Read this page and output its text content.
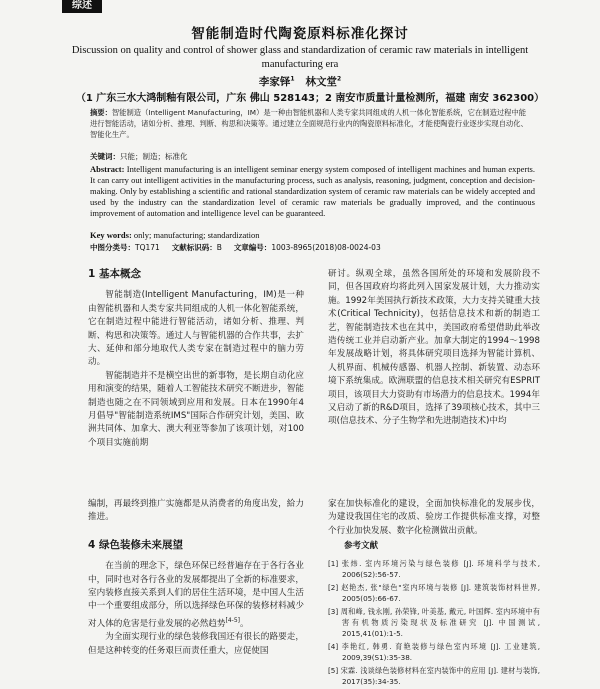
综述
智能制造时代陶瓷原料标准化探讨
Discussion on quality and control of shower glass and standardization of ceramic raw materials in intelligent manufacturing era
李家铎$^1$ 林文堂$^2$
（1 广东三水大鸿制釉有限公司，广东 佛山 528143；2 南安市质量计量检测所，福建 南安 362300）
摘要：智能制造（Intelligent Manufacturing，IM）是一种由智能机器和人类专家共同组成的人机一体化智能系统，它在制造过程中能进行智能活动，诸如分析、推理、判断、构思和决策等。通过建立全面规范行业内的陶瓷原料标准化，才能使陶瓷行业逐步实现自动化、智能化生产。
关键词：只能；制造；标准化
Abstract: Intelligent manufacturing is an intelligent seminar energy system composed of intelligent machines and human experts. It can carry out intelligent activities in the manufacturing process, such as analysis, reasoning, judgment, conception and decision-making. Only by establishing a scientific and rational standardization system of ceramic raw materials can be widely accepted and used by the industry can the standardization level of ceramic raw materials be gradually improved, and the continuous improvement of automation and intelligence level can be guaranteed.
Key words: only; manufacturing; standardization
中图分类号：TQ171 文献标识码：B 文章编号：1003-8965(2018)08-0024-03
1 基本概念

智能制造(Intelligent Manufacturing，IM)是一种由智能机器和人类专家共同组成的人机一体化智能系统，它在制造过程中能进行智能活动，诸如分析、推理、判断、构思和决策等。通过人与智能机器的合作共事，去扩大、延伸和部分地取代人类专家在制造过程中的脑力劳动。

智能制造并不是横空出世的新事物，是长期自动化应用和演变的结果，随着人工智能技术研究不断进步，智能制造也随之在不同领域到应用和发展。日本在1990年4月倡导"智能制造系统IMS"国际合作研究计划，美国、欧洲共同体、加拿大、澳大利亚等参加了该项计划，对100个项目实施前期

研讨。纵观全球，虽然各国所处的环境和发展阶段不同，但各国政府均将此列入国家发展计划，大力推动实施。1992年美国执行新技术政策，大力支持关键重大技术(Critical Technicity)，包括信息技术和新的制造工艺，智能制造技术也在其中，美国政府希望借助此举改造传统工业并启动新产业。加拿大制定的1994～1998年发展战略计划，将具体研究项目选择为智能计算机、人机界面、机械传感器、机器人控制、新装置、动态环境下系统集成。欧洲联盟的信息技术相关研究有ESPRIT项目，该项目大力资助有市场潜力的信息技术。1994年又启动了新的R&D项目，选择了39项核心技术，其中三项(信息技术、分子生物学和先进制造技术)中均

编制，再最终到推广实施都是从消费者的角度出发，給力推进。

4 绿色装修未来展望

在当前的理念下，绿色环保已经普遍存在于各行各业中，同时也对各行各业的发展都提出了全新的标准要求，室内装修直接关系到人们的居住生活环境，是中国人生活中一个重要组成部分，所以选择绿色环保的装修材料减少对人体的危害是行业发展的必然趋势[4-5]。

为全面实现行业的绿色装修我国还有很长的路要走，但是这种转变的任务艰巨而责任重大，应促使国

家在加快标准化的建设，全面加快标准化的发展步伐，为建设我国住宅的改质、验房工作提供标准支撑，对整个行业加快发展、数字化检测做出贡献。

参考文献
[1] 张炜. 室内环境污染与绿色装修 [J]. 环境科学与技术, 2006(S2):56-57.
[2] 赵艳杰, 张"绿色"室内环境与装修 [J]. 建筑装饰材料世界, 2005(05):66-67.
[3] 周和峰, 钱永刚, 孙荣锋, 叶美基, 戴元, 叶国辉. 室内环境中有害有机物质污染现状及标准研究 [J]. 中国测试, 2015,41(01):1-5.
[4] 李艳红, 韩勇. 育艳装修与绿色室内环境 [J]. 工业建筑, 2009,39(S1):35-38.
[5] 宋霖. 浅谈绿色装修材料在室内装饰中的应用 [J]. 建材与装饰, 2017(35):34-35.
